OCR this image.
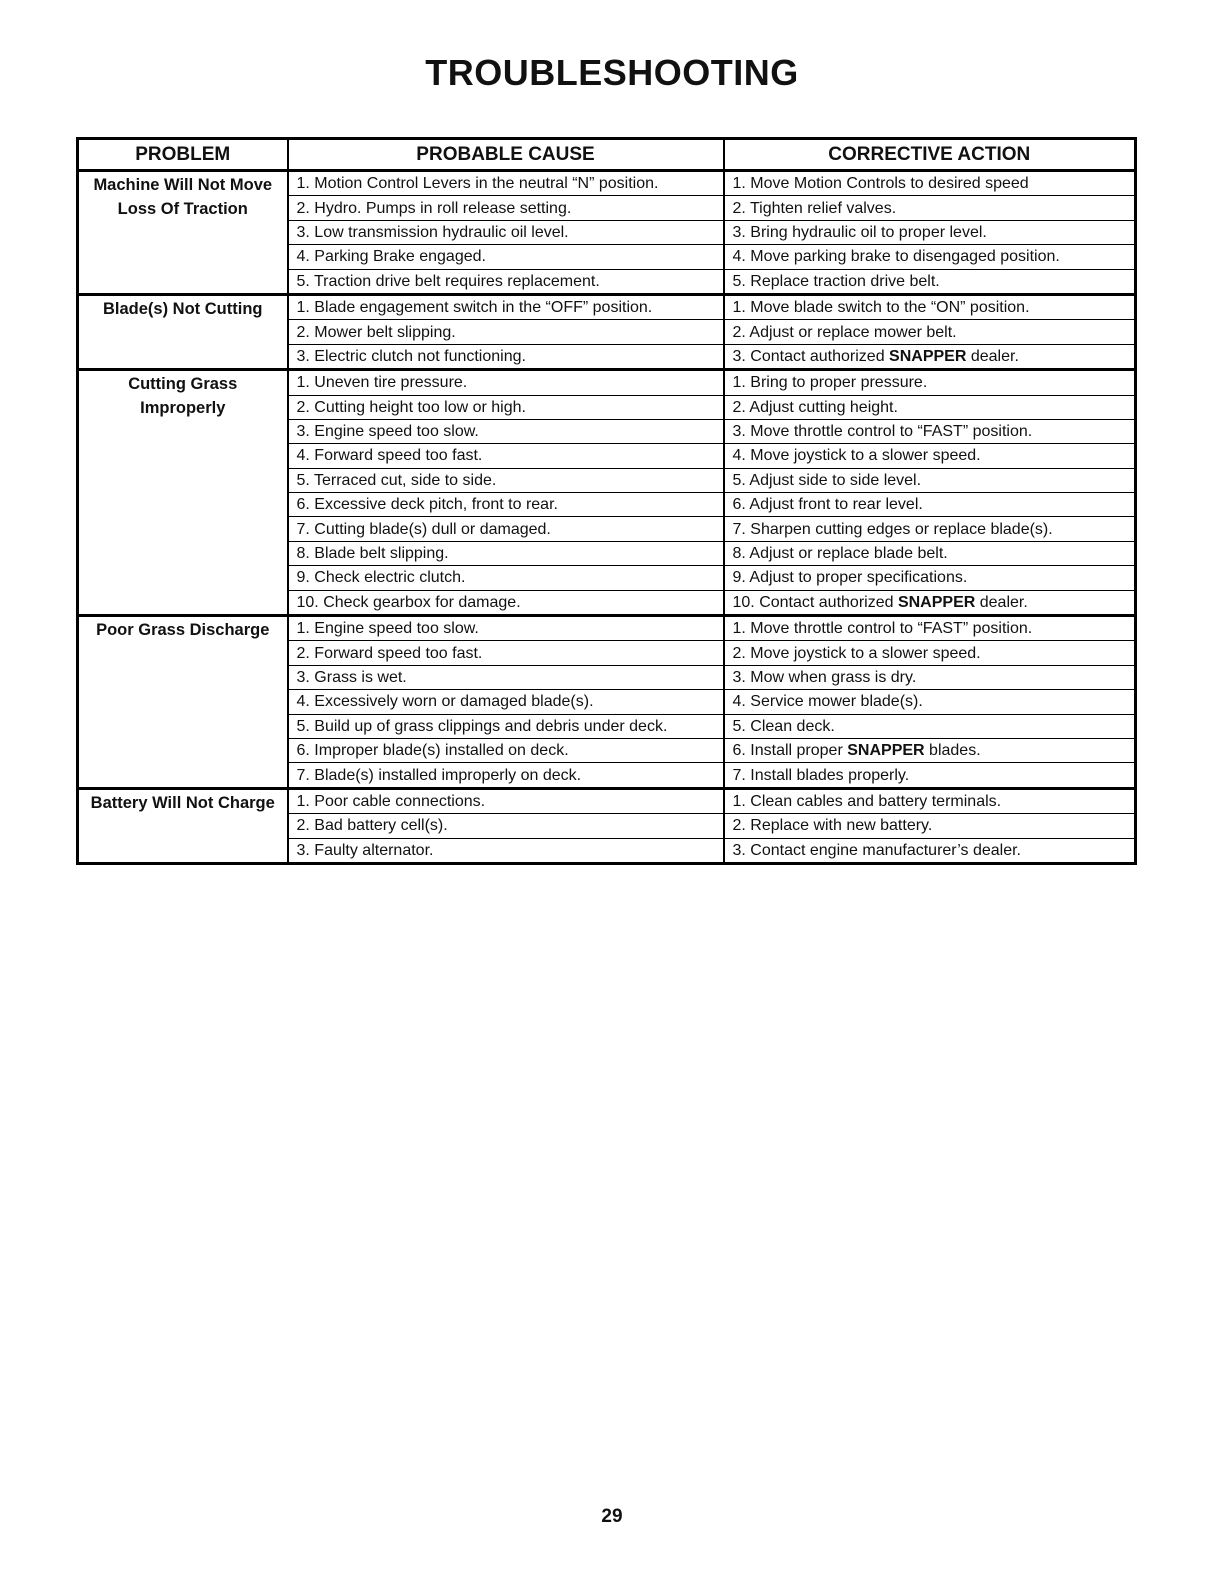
TROUBLESHOOTING
PROBLEM	PROBABLE CAUSE	CORRECTIVE ACTION

Machine Will Not Move
Loss Of Traction	1. Motion Control Levers in the neutral “N” position.	1. Move Motion Controls to desired speed
	2. Hydro. Pumps in roll release setting.	2. Tighten relief valves.
	3. Low transmission hydraulic oil level.	3. Bring hydraulic oil to proper level.
	4. Parking Brake engaged.	4. Move parking brake to disengaged position.
	5. Traction drive belt requires replacement.	5. Replace traction drive belt.

Blade(s) Not Cutting	1. Blade engagement switch in the “OFF” position.	1. Move blade switch to the “ON” position.
	2. Mower belt slipping.	2. Adjust or replace mower belt.
	3. Electric clutch not functioning.	3. Contact authorized SNAPPER dealer.

Cutting Grass
Improperly	1. Uneven tire pressure.	1. Bring to proper pressure.
	2. Cutting height too low or high.	2. Adjust cutting height.
	3. Engine speed too slow.	3. Move throttle control to “FAST” position.
	4. Forward speed too fast.	4. Move joystick to a slower speed.
	5. Terraced cut, side to side.	5. Adjust side to side level.
	6. Excessive deck pitch, front to rear.	6. Adjust front to rear level.
	7. Cutting blade(s) dull or damaged.	7. Sharpen cutting edges or replace blade(s).
	8. Blade belt slipping.	8. Adjust or replace blade belt.
	9. Check electric clutch.	9. Adjust to proper specifications.
	10. Check gearbox for damage.	10. Contact authorized SNAPPER dealer.

Poor Grass Discharge	1. Engine speed too slow.	1. Move throttle control to “FAST” position.
	2. Forward speed too fast.	2. Move joystick to a slower speed.
	3. Grass is wet.	3. Mow when grass is dry.
	4. Excessively worn or damaged blade(s).	4. Service mower blade(s).
	5. Build up of grass clippings and debris under deck.	5. Clean deck.
	6. Improper blade(s) installed on deck.	6. Install proper SNAPPER blades.
	7. Blade(s) installed improperly on deck.	7. Install blades properly.

Battery Will Not Charge	1. Poor cable connections.	1. Clean cables and battery terminals.
	2. Bad battery cell(s).	2. Replace with new battery.
	3. Faulty alternator.	3. Contact engine manufacturer’s dealer.
29
